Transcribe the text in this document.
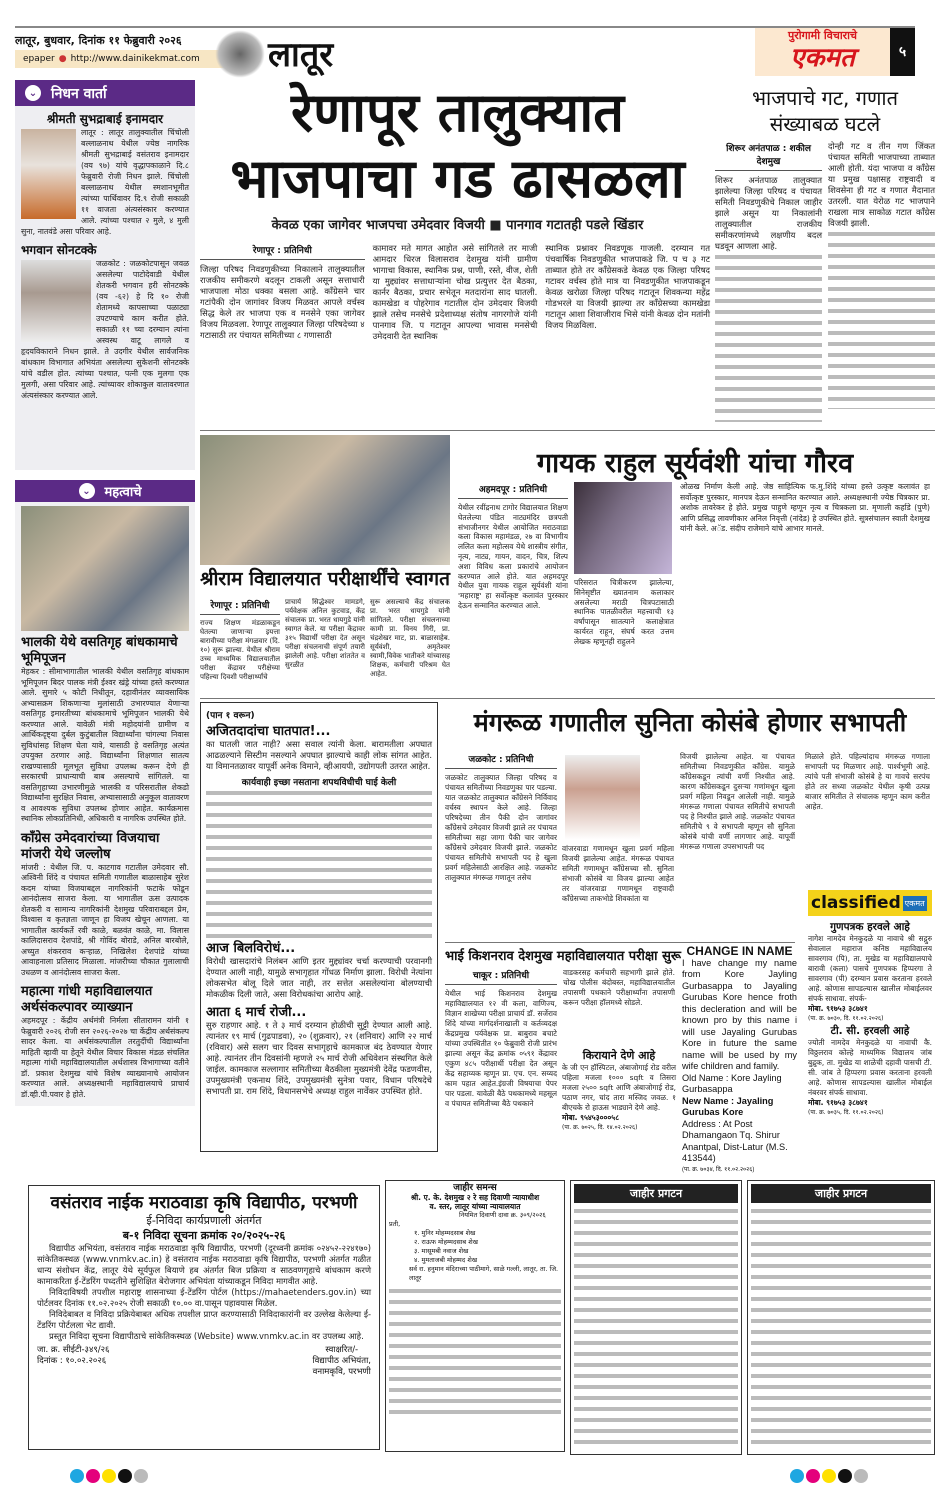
लातूर, बुधवार, दिनांक ११ फेब्रुवारी २०२६
epaper ● http://www.dainikekmat.com लातूर	पुरोगामी विचाराचे
एकमत	५
⌄ निधन वार्ता
श्रीमती सुभद्राबाई इनामदार
लातूर : लातूर तालुक्यातील चिंचोली बल्लाळनाथ येथील ज्येष्ठ नागरिक श्रीमती सुभद्राबाई वसंतराव इनामदार (वय ९७) यांचे वृद्धापकाळाने दि.८ फेब्रुवारी रोजी निधन झाले. चिंचोली बल्लाळनाथ येथील स्मशानभूमीत त्यांच्या पार्थिवावर दि.९ रोजी सकाळी ११ वाजता अंत्यसंस्कार करण्यात आले. त्यांच्या पश्चात २ मुले, ४ मुली सुना, नातवंडे असा परिवार आहे.
भगवान सोनटक्के
जळकोट : जळकोटपासून जवळ असलेल्या पाटोदेवाडी येथील शेतकरी भगवान हरी सोनटक्के (वय -६२) हे दि १० रोजी शेतामध्ये कापसाच्या पळाट्या उपटण्याचे काम करीत होते. सकाळी ११ च्या दरम्यान त्यांना अस्वस्थ वाटू लागले व हृदयविकाराने निधन झाले. ते उदगीर येथील सार्वजनिक बांधकाम विभागात अभियंता असलेल्या सुकेशनी सोनटक्के यांचे वडील होत. त्यांच्या पश्चात, पत्नी एक मुलगा एक मुलगी, असा परिवार आहे. त्यांच्यावर शोकाकुल वातावरणात अंत्यसंस्कार करण्यात आले.
⌄ महत्वाचे
भालकी येथे वसतिगृह बांधकामाचे भूमिपूजन
मेहकर : सीमाभागातील भालकी येथील वसतिगृह बांधकाम भूमिपूजन बिदर पालक मंत्री ईश्वर खंड्रे यांच्या हस्ते करण्यात आले. सुमारे ५ कोटी निधीतून, दहावीनंतर व्यावसायिक अभ्यासक्रम शिकणाऱ्या मुलांसाठी उभारण्यात येणाऱ्या वसतिगृह इमारतीच्या बांधकामाचे भूमिपूजन भालकी येथे करण्यात आले. यावेळी मंत्री महोदयांनी ग्रामीण व आर्थिकदृष्ट्या दुर्बल कुटुंबातील विद्यार्थ्यांना चांगल्या निवास सुविधांसह शिक्षण घेता यावे, यासाठी हे वसतिगृह अत्यंत उपयुक्त ठरणार आहे. विद्यार्थ्यांना शिक्षणात सातत्य राखण्यासाठी मूलभूत सुविधा उपलब्ध करून देणे ही सरकारची प्राधान्याची बाब असल्याचे सांगितले. या वसतिगृहाच्या उभारणीमुळे भालकी व परिसरातील शेकडो विद्यार्थ्यांना सुरक्षित निवास, अभ्यासासाठी अनुकूल वातावरण व आवश्यक सुविधा उपलब्ध होणार आहेत. कार्यक्रमास स्थानिक लोकप्रतिनिधी, अधिकारी व नागरिक उपस्थित होते.
काँग्रेस उमेदवारांच्या विजयाचा मांजरी येथे जल्लोष
मांजरी : येथील जि. प. काटगाव गटातील उमेदवार सौ. अश्विनी शिंदे व पंचायत समिती गणातील बाळासाहेब सुरेश कदम यांच्या विजयाबद्दल नागरिकांनी फटाके फोडून आनंदोत्सव साजरा केला. या भागातील ऊस उत्पादक शेतकरी व सामान्य नागरिकांनी देशमुख परिवाराबद्दल प्रेम, विश्वास व कृतज्ञता जाणून हा विजय खेचून आणला. या भागातील कार्यकर्ते रवी काळे, बळवंत काळे, मा. विलास कालिदासराव देशपांडे, श्री गोविंद बोराडे, अनिल बारबोले, अच्युत शंकरराव कऱ्हाळ, निखिलेश देशपांडे यांच्या आवाहनाला प्रतिसाद मिळाला. मांजरीच्या चौकात गुलालाची उधळण व आनंदोत्सव साजरा केला.
महात्मा गांधी महाविद्यालयात अर्थसंकल्पावर व्याख्यान
अहमदपूर : केंद्रीय अर्थमंत्री निर्मला सीतारामन यांनी १ फेब्रुवारी २०२६ रोजी सन २०२६-२०२७ चा केंद्रीय अर्थसंकल्प सादर केला. या अर्थसंकल्पातील तरतुदींची विद्यार्थ्यांना माहिती व्हावी या हेतूने येथील विचार विकास मंडळ संचलित महात्मा गांधी महाविद्यालयातील अर्थशास्त्र विभागाच्या वतीने डॉ. प्रकाश देशमुख यांचे विशेष व्याख्यानाचे आयोजन करण्यात आले. अध्यक्षस्थानी महाविद्यालयाचे प्राचार्य डॉ.व्ही.पी.पवार हे होते.
रेणापूर तालुक्यात
भाजपाचा गड ढासळला
केवळ एका जागेवर भाजपचा उमेदवार विजयी ■ पानगाव गटातही पडले खिंडार
रेणापूर : प्रतिनिधी
जिल्हा परिषद निवडणुकीच्या निकालाने तालुक्यातील राजकीय समीकरणे बदलून टाकली असून सत्ताधारी भाजपाला मोठा धक्का बसला आहे. काँग्रेसने चार गटांपैकी दोन जागांवर विजय मिळवत आपले वर्चस्व सिद्ध केले तर भाजपा एक व मनसेने एका जागेवर विजय मिळवला. रेणापूर तालुक्यात जिल्हा परिषदेच्या ४ गटासाठी तर पंचायत समितीच्या ८ गणासाठी
कामावर मते मागत आहोत असे सांगितले तर माजी आमदार धिरज विलासराव देशमुख यांनी ग्रामीण भागाचा विकास, स्थानिक प्रश्न, पाणी, रस्ते, वीज, शेती या मुद्द्यांवर सत्ताधाऱ्यांना चोख प्रत्युत्तर देत बैठका, कार्नर बैठका, प्रचार सभेतून मतदारांना साद घातली. कामखेडा व पोहरेगाव गटातील दोन उमेदवार विजयी झाले तसेच मनसेचे प्रदेशाध्यक्ष संतोष नागरगोजे यांनी पानगाव जि. प गटातून आपल्या भावास मनसेची उमेदवारी देत स्थानिक
स्थानिक प्रश्नावर निवडणूक गाजली. दरम्यान गत पंचवार्षिक निवडणुकीत भाजपाकडे जि. प च ३ गट ताब्यात होते तर काँग्रेसकडे केवळ एक जिल्हा परिषद गटावर वर्चस्व होते मात्र या निवडणुकीत भाजपाकडून केवळ खरोळा जिल्हा परिषद गटातून शिवकन्या महेंद्र गोडभरले या विजयी झाल्या तर काँग्रेसच्या कामखेडा गटातून आशा शिवाजीराव भिसे यांनी केवळ दोन मतांनी विजय मिळविला.
भाजपाचे गट, गणात संख्याबळ घटले
शिरूर अनंतपाळ : शकील देशमुख
शिरूर अनंतपाळ तालुक्यात झालेल्या जिल्हा परिषद व पंचायत समिती निवडणुकीचे निकाल जाहीर झाले असून या निकालांनी तालुक्यातील राजकीय समीकरणांमध्ये लक्षणीय बदल घडवून आणला आहे.
दोन्ही गट व तीन गण जिंकत पंचायत समिती भाजपाच्या ताब्यात आली होती. यंदा भाजपा व काँग्रेस या प्रमुख पक्षासह राष्ट्रवादी व शिवसेना ही गट व गणात मैदानात उतरली. यात येरोळ गट भाजपाने राखला मात्र साकोळ गटात काँग्रेस विजयी झाली.
श्रीराम विद्यालयात परीक्षार्थींचे स्वागत
रेणापूर : प्रतिनिधी
राज्य शिक्षण मंडळाकडून घेतल्या जाणाऱ्या इयत्ता बारावीच्या परीक्षा मंगळवार (दि. १०) सुरू झाल्या. येथील श्रीराम उच्च माध्यमिक विद्यालयातील परीक्षा केंद्रावर परीक्षेच्या पहिल्या दिवशी परीक्षार्थ्यांचे
प्राचार्य सिद्धेश्वर मामडगे, पर्यवेक्षक अनिल कुटवाड, केंद्र संचालक प्रा. भरत धायगुडे यांनी स्वागत केले. या परीक्षा केंद्रावर ३१५ विद्यार्थी परीक्षा देत असून परीक्षा संचलनाची संपूर्ण तयारी झालेली आहे. परीक्षा शांततेत व सुरळीत
सुरू असल्याचे केंद्र संचालक प्रा. भरत धायगुडे यांनी सांगितले. परीक्षा संचलनाच्या कामी प्रा. विनय गिरी, प्रा. चंद्रशेखर माट, प्रा. बाळासाहेब. सूर्यवंशी, अमृतेश्वर स्वामी,विवेक भातीकरे यांच्यासह शिक्षक, कर्मचारी परिश्रम घेत आहेत.
गायक राहुल सूर्यवंशी यांचा गौरव
अहमदपूर : प्रतिनिधी
येथील रवींद्रनाथ टागोर विद्यालयात शिक्षण घेतलेल्या पंडित नाट्यमंदिर छत्रपती संभाजीनगर येथील आयोजित मराठवाडा कला विकास महामंडळ, २७ वा विभागीय ललित कला महोत्सव येथे शास्त्रीय संगीत, नृत्य, नाट्य, गायन, वादन, चित्र, शिल्प अशा विविध कला प्रकारांचे आयोजन करण्यात आले होते. यात अहमदपूर येथील युवा गायक राहुल सूर्यवंशी यांना 'महाराष्ट्र' हा सर्वोत्कृष्ट कलावंत पुरस्कार देऊन सन्मानित करण्यात आले.
परिसरात चित्रीकरण झालेल्या, सिनेसृष्टीत ख्यातनाम कलाकार असलेल्या मराठी चित्रपटासाठी स्थानिक पातळीवरील महत्त्वाची १३ वर्षांपासून सातत्याने कलाक्षेत्रात कार्यरत राहून, संघर्ष करत उत्तम लेखक म्हणूनही राहुलने
ओळख निर्माण केली आहे. जेष्ठ साहित्यिक फ.मु.शिंदे यांच्या हस्ते उत्कृष्ट कलावंत हा सर्वोत्कृष्ट पुरस्कार, मानपत्र देऊन सन्मानित करण्यात आले. अध्यक्षस्थानी ज्येष्ठ चित्रकार प्रा. अशोक तावरेकर हे होते. प्रमुख पाहुणे म्हणून नृत्य व चित्रकला प्रा. मृणाली कर्हाडे (पुणे) आणि प्रसिद्ध लावणीकार अनिल निवृत्ती (नांदेड) हे उपस्थित होते. सूत्रसंचालन स्वाती देशमुख यांनी केले. अॅड. संदीप राजेमाने यांचे आभार मानले.
(पान १ वरून)
अजितदादांचा घातपात!...
का घातली जात नाही? असा सवाल त्यांनी केला. बारामतीला अपघात आढळल्याने सिस्टीम नसल्याने अपघात झाल्याचे काही लोक सांगत आहेत. या विमानतळावर यापूर्वी अनेक विमाने, व्हीआयपी, उद्योगपती उतरत आहेत.
कार्यवाही इच्छा नसताना शपथविधीची घाई केली
आज बिलविरोधं...
विरोधी खासदारांचे निलंबन आणि इतर मुद्द्यांवर चर्चा करण्याची परवानगी देण्यात आली नाही, यामुळे सभागृहात गोंधळ निर्माण झाला. विरोधी नेत्यांना लोकसभेत बोलू दिले जात नाही, तर सत्तेत असलेल्यांना बोलण्याची मोकळीक दिली जाते, असा विरोधकांचा आरोप आहे.
आता ६ मार्च रोजी...
सुरु राहणार आहे. १ ते ३ मार्च दरम्यान होळीची सुट्टी देण्यात आली आहे. त्यानंतर १९ मार्च (गुढपाडवा), २० (शुक्रवार), २१ (शनिवार) आणि २२ मार्च (रविवार) असे सलग चार दिवस सभागृहाचे कामकाज बंद ठेवण्यात येणार आहे. त्यानंतर तीन दिवसांनी म्हणजे २५ मार्च रोजी अधिवेशन संस्थगित केले जाईल. कामकाज सल्लागार समितीच्या बैठकीला मुख्यमंत्री देवेंद्र फडणवीस, उपमुख्यमंत्री एकनाथ शिंदे, उपमुख्यमंत्री सुनेत्रा पवार, विधान परिषदेचे सभापती प्रा. राम शिंदे, विधानसभेचे अध्यक्ष राहुल नार्वेकर उपस्थित होते.
मंगरूळ गणातील सुनिता कोसंबे होणार सभापती
जळकोट : प्रतिनिधी
जळकोट तालुक्यात जिल्हा परिषद व पंचायत समितीच्या निवडणुका पार पडल्या. यात जळकोट तालुक्यात काँग्रेसने निर्विवाद वर्चस्व स्थापन केले आहे. जिल्हा परिषदेच्या तीन पैकी दोन जागांवर काँग्रेसचे उमेदवार विजयी झाले तर पंचायत समितीच्या सहा जागा पैकी चार जागेवर काँग्रेसचे उमेदवार विजयी झाले. जळकोट पंचायत समितीचे सभापती पद हे खुला प्रवर्ग महिलेसाठी आरक्षित आहे. जळकोट तालुक्यात मंगरूळ गणातून तसेच
वांजरवाडा गणामधून खुला प्रवर्ग महिला विजयी झालेल्या आहेत. मंगरूळ पंचायत समिती गणामधून काँग्रेसच्या सौ. सुनिता संभाजी कोसंबे या विजय झाल्या आहेत तर वांजरवाडा गणामधून राष्ट्रवादी काँग्रेसच्या ताकभोडे शिवकांता या
विजयी झालेल्या आहेत. या पंचायत समितीच्या निवडणुकीत काँग्रेस. यामुळे काँग्रेसकडून त्यांची वर्णी निश्चीत आहे. कारण काँग्रेसकडून दुसऱ्या गणांमधून खुला प्रवर्ग महिला निवडून आलेली नाही. यामुळे मंगरूळ गणाला पंचायत समितीचे सभापती पद हे निश्चीत झाले आहे. जळकोट पंचायत समितीचे ९ वे सभापती म्हणून सौ सुनिता कोसंबे यांची वर्णी लागणार आहे. यापूर्वी मंगरूळ गणाला उपसभापती पद
मिळाले होते. पहिल्यांदाच मंगरूळ गणाला सभापती पद मिळणार आहे. पार्श्वभूमी आहे. त्यांचे पती संभाजी कोसंबे हे या गावचे सरपंच होते तर सध्या जळकोट येथील कृषी उत्पन्न बाजार समितीत ते संचालक म्हणून काम करीत आहेत.
भाई किशनराव देशमुख महाविद्यालयात परीक्षा सुरू
चाकूर : प्रतिनिधी
येथील भाई किशनराव देशमुख महाविद्यालयात १२ वी कला, वाणिज्य, विज्ञान शाखेच्या परीक्षा प्राचार्य डॉ. सर्जेराव शिंदे यांच्या मार्गदर्शनाखाली व कर्तव्यदक्ष केंद्रप्रमुख पर्यवेक्षक प्रा. बाबुराव बचाटे यांच्या उपस्थितीत १० फेब्रुवारी रोजी प्रारंभ झाल्या असून केंद्र क्रमांक ०५९१ केंद्रावर एकुण ४८५ परीक्षार्थी परीक्षा देत असून केंद्र सहाय्यक म्हणून प्रा. एच. एन. सय्यद काम पहात आहेत.इंग्रजी विषयाचा पेपर पार पडला. यावेळी बैठे पथकामध्ये महसूल व पंचायत समितीच्या बैठे पथकाने
वाडकरसह कर्मचारी सहभागी झाले होते. चोख पोलीस बंदोबस्त, महाविद्यालयातील तपासणी पथकाने परीक्षार्थ्यांना तपासणी करून परीक्षा हॉलमध्ये सोडले.
CHANGE IN NAME
I have change my name from Kore Jayling Gurbasappa to Jayaling Gurubas Kore hence froth this decleration and will be known pro by this name i will use Jayaling Gurubas Kore in future the same name will be used by my wife children and family.
Old Name : Kore Jayling Gurbasappa
New Name : Jayaling Gurubas Kore
Address : At Post Dhamangaon Tq. Shirur Anantpal, Dist-Latur (M.S. 413544)
(पा. क्र. ७०३४, दि. ११.०२.२०२६)
किरायाने देणे आहे
के जी एन हॉस्पिटल, अंबाजोगाई रोड वरील पहिला मजला १००० sqft व तिसरा मजला २५०० sqft आणि अंबाजोगाई रोड, पठाण नगर, चांद तारा मस्जिद जवळ. १ बीएचके रो हाऊस भाड्याने देणे आहे.
मोबा. ९५४५३०००५८
(पा. क्र. ७०२५, दि. १४.०२.२०२६)
classified एकमत
गुणपत्रक हरवले आहे
नागेश नामदेव मेनकुदळे या नावाचे श्री सद्गुरु सेवालाल महाराज कनिष्ठ महाविद्यालय सावरगाव (पि), ता. मुखेड या महाविद्यालयाचे बारावी (कला) पासचे गुणपत्रक हिप्परगा ते सावरगाव (पी) दरम्यान प्रवास करताना हरवले आहे. कोणास सापडल्यास खालील मोबाईलवर संपर्क साधावा. संपर्क-
मोबा. ९१७५३ ३८७४१
(पा. क्र. ७०३०, दि. ११.०२.२०२६)
टी. सी. हरवली आहे
ज्योती नामदेव मेनकुदळे या नावाची कै. विठ्ठलराव कोल्हे माध्यमिक विद्यालय जांब बुद्रुक, ता. मुखेड या शाळेची दहावी पासची टी. सी. जांब ते हिप्परगा प्रवास करताना हरवली आहे. कोणास सापडल्यास खालील मोबाईल नंबरवर संपर्क साधावा.
मोबा. ९१७५३ ३८७४१
(पा. क्र. ७०३५, दि. ११.०२.२०२६)
वसंतराव नाईक मराठवाडा कृषि विद्यापीठ, परभणी
ई-निविदा कार्यप्रणाली अंतर्गत
ब-१ निविदा सूचना क्रमांक २०/२०२५-२६
विद्यापीठ अभियंता, वसंतराव नाईक मराठवाडा कृषि विद्यापीठ, परभणी (दूरध्वनी क्रमांक ०२४५२-२२४१७०) सांकेतिकस्थळ (www.vnmkv.ac.in) हे वसंतराव नाईक मराठवाडा कृषि विद्यापीठ, परभणी अंतर्गत गळीत धान्य संशोधन केंद्र, लातूर येथे सूर्यफुल बियाणे हब अंतर्गत बिज प्रक्रिया व साठवणगृहाचे बांधकाम करणे कामाकरिता ई-टेंडरिंग पध्दतीने सुशिक्षित बेरोजगार अभियंता यांच्याकडून निविदा मागवीत आहे.
निविदाविषयी तपशील महाराष्ट्र शासनाच्या ई-टेंडरिंग पोर्टल (https://mahaetenders.gov.in) च्या पोर्टलवर दिनांक ११.०२.२०२५ रोजी सकाळी १०.०० वा.पासून पहावयास मिळेल.
निविदेबाबत व निविदा प्रक्रियेबाबत अधिक तपशील प्राप्त करण्यासाठी निविदाकारांनी वर उल्लेख केलेल्या ई-टेंडरिंग पोर्टलला भेट द्यावी.
प्रस्तुत निविदा सूचना विद्यापीठाचे सांकेतिकस्थळ (Website) www.vnmkv.ac.in वर उपलब्ध आहे.
जा. क्र. सीईटी-३४९/२६
दिनांक : १०.०२.२०२६
स्वाक्षरित/-
विद्यापीठ अभियंता,
वनामकृवि, परभणी
जाहीर समन्स
श्री. ए. के. देशमुख २ रे सह दिवाणी न्यायाधीश
व. स्तर, लातूर यांच्या न्यायालयात
नियमित दिवाणी दावा क्र. ३०९/२०२६
प्रती,
१. मुनिर मोहम्मदसाब शेख
२. राऊफ मोहम्मदसाब शेख
३. मासूमबी नवाज शेख
४. मुमताजबी मोहम्मद शेख
सर्व रा. हनुमान मंदिराच्या पाठीमागे, साळे गल्ली, लातूर, ता. जि. लातूर
जाहीर प्रगटन	जाहीर प्रगटन
